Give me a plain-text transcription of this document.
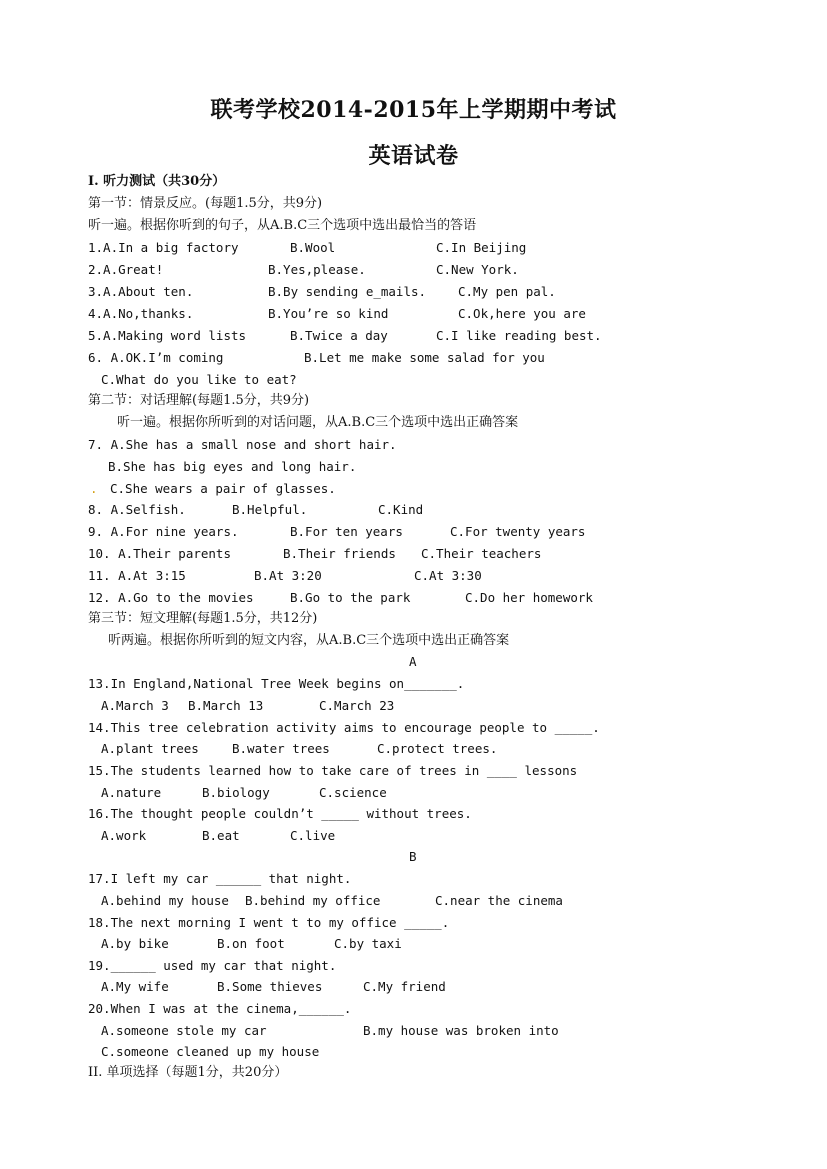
联考学校2014-2015年上学期期中考试
英语试卷
I. 听力测试（共30分）
第一节：情景反应。(每题1.5分，共9分)
听一遍。根据你听到的句子，从A.B.C三个选项中选出最恰当的答语
1.A.In a big factory	B.Wool	C.In Beijing
2.A.Great!	B.Yes,please.	C.New York.
3.A.About ten.	B.By sending e_mails.	C.My pen pal.
4.A.No,thanks.	B.You’re so kind	C.Ok,here you are
5.A.Making word lists	B.Twice a day	C.I like reading best.
6. A.OK.I’m coming	B.Let me make some salad for you
C.What do you like to eat?
第二节：对话理解(每题1.5分，共9分)
听一遍。根据你所听到的对话问题，从A.B.C三个选项中选出正确答案
7. A.She has a small nose and short hair.
B.She has big eyes and long hair.
. C.She wears a pair of glasses.
8. A.Selfish.	B.Helpful.	C.Kind
9. A.For nine years.	B.For ten years	C.For twenty years
10. A.Their parents	B.Their friends C.Their teachers
11. A.At 3:15	B.At 3:20	C.At 3:30
12. A.Go to the movies	B.Go to the park	C.Do her homework
第三节：短文理解(每题1.5分，共12分)
听两遍。根据你所听到的短文内容，从A.B.C三个选项中选出正确答案
A
13.In England,National Tree Week begins on_______.
A.March 3 B.March 13	C.March 23
14.This tree celebration activity aims to encourage people to _____.
A.plant trees	B.water trees	C.protect trees.
15.The students learned how to take care of trees in ____ lessons
A.nature	B.biology	C.science
16.The thought people couldn’t _____ without trees.
A.work	B.eat	C.live
B
17.I left my car ______ that night.
A.behind my house B.behind my office	C.near the cinema
18.The next morning I went t to my office _____.
A.by bike	B.on foot	C.by taxi
19.______ used my car that night.
A.My wife	B.Some thieves	C.My friend
20.When I was at the cinema,______.
A.someone stole my car	B.my house was broken into
C.someone cleaned up my house
II. 单项选择（每题1分，共20分）
